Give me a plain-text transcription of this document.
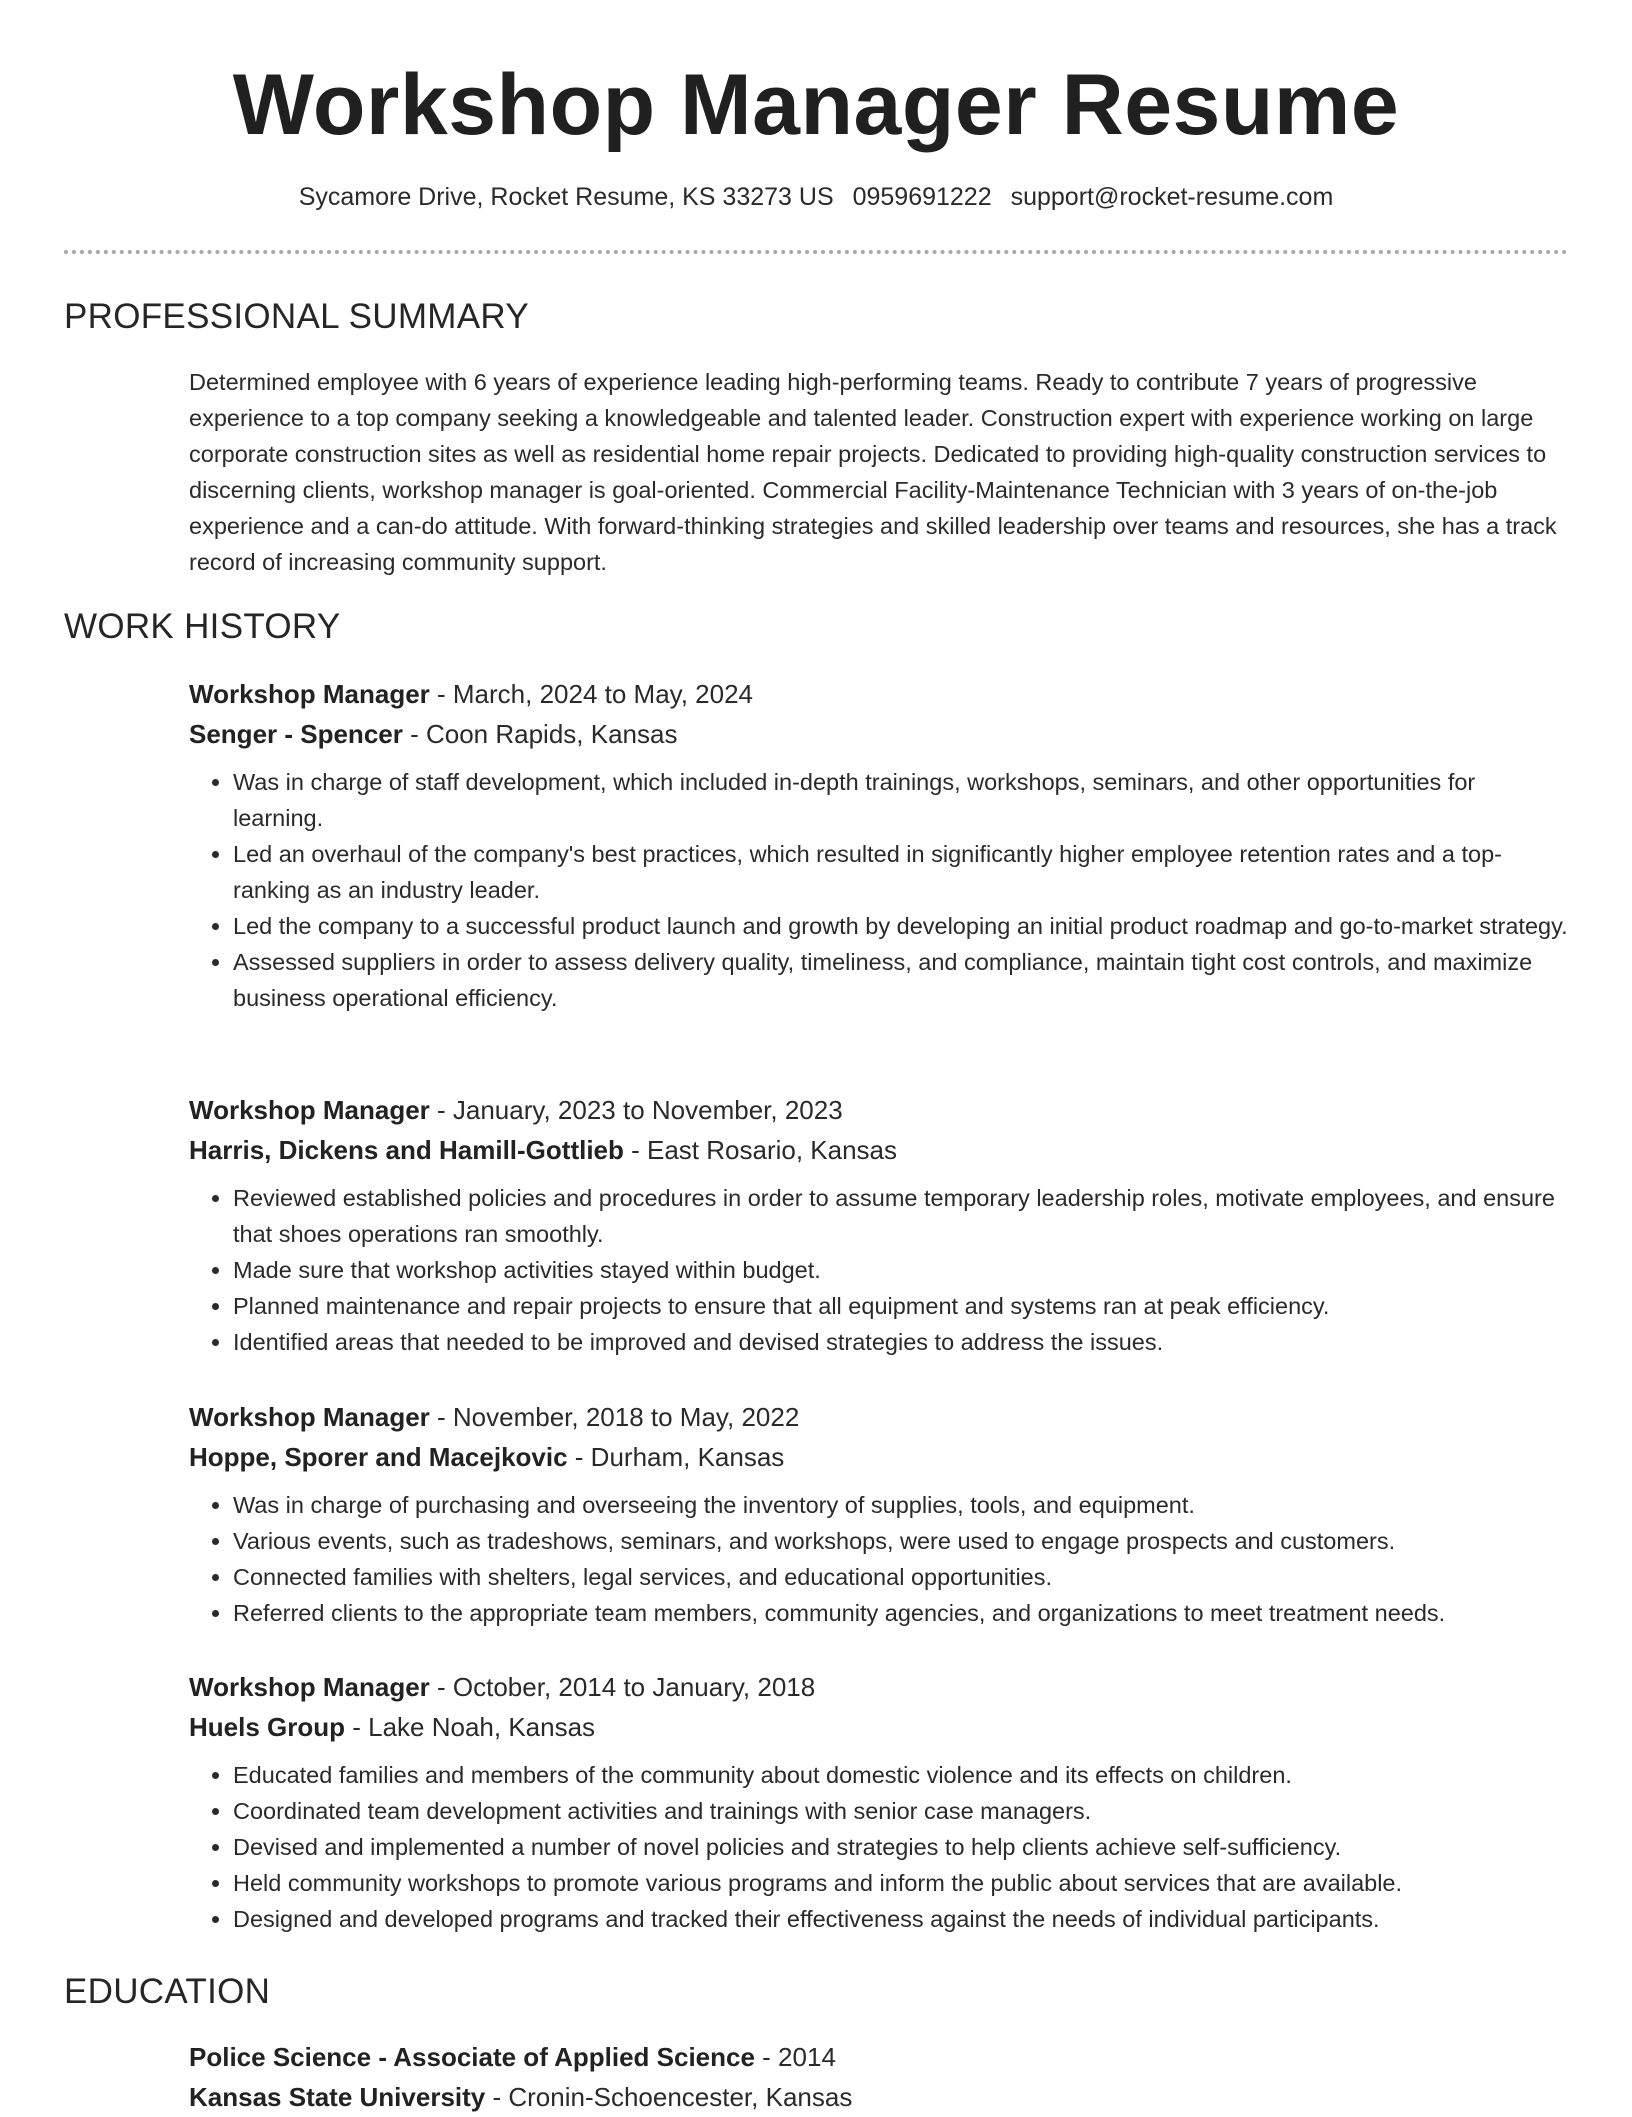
Workshop Manager Resume
Sycamore Drive, Rocket Resume, KS 33273 US 0959691222 support@rocket-resume.com
PROFESSIONAL SUMMARY

Determined employee with 6 years of experience leading high-performing teams. Ready to contribute 7 years of progressive experience to a top company seeking a knowledgeable and talented leader. Construction expert with experience working on large corporate construction sites as well as residential home repair projects. Dedicated to providing high-quality construction services to discerning clients, workshop manager is goal-oriented. Commercial Facility-Maintenance Technician with 3 years of on-the-job experience and a can-do attitude. With forward-thinking strategies and skilled leadership over teams and resources, she has a track record of increasing community support.

WORK HISTORY
Workshop Manager - March, 2024 to May, 2024
Senger - Spencer - Coon Rapids, Kansas
• Was in charge of staff development, which included in-depth trainings, workshops, seminars, and other opportunities for learning.
• Led an overhaul of the company's best practices, which resulted in significantly higher employee retention rates and a top-ranking as an industry leader.
• Led the company to a successful product launch and growth by developing an initial product roadmap and go-to-market strategy.
• Assessed suppliers in order to assess delivery quality, timeliness, and compliance, maintain tight cost controls, and maximize business operational efficiency.
Workshop Manager - January, 2023 to November, 2023
Harris, Dickens and Hamill-Gottlieb - East Rosario, Kansas
• Reviewed established policies and procedures in order to assume temporary leadership roles, motivate employees, and ensure that shoes operations ran smoothly.
• Made sure that workshop activities stayed within budget.
• Planned maintenance and repair projects to ensure that all equipment and systems ran at peak efficiency.
• Identified areas that needed to be improved and devised strategies to address the issues.
Workshop Manager - November, 2018 to May, 2022
Hoppe, Sporer and Macejkovic - Durham, Kansas
• Was in charge of purchasing and overseeing the inventory of supplies, tools, and equipment.
• Various events, such as tradeshows, seminars, and workshops, were used to engage prospects and customers.
• Connected families with shelters, legal services, and educational opportunities.
• Referred clients to the appropriate team members, community agencies, and organizations to meet treatment needs.
Workshop Manager - October, 2014 to January, 2018
Huels Group - Lake Noah, Kansas
• Educated families and members of the community about domestic violence and its effects on children.
• Coordinated team development activities and trainings with senior case managers.
• Devised and implemented a number of novel policies and strategies to help clients achieve self-sufficiency.
• Held community workshops to promote various programs and inform the public about services that are available.
• Designed and developed programs and tracked their effectiveness against the needs of individual participants.
EDUCATION
Police Science - Associate of Applied Science - 2014
Kansas State University - Cronin-Schoencester, Kansas
